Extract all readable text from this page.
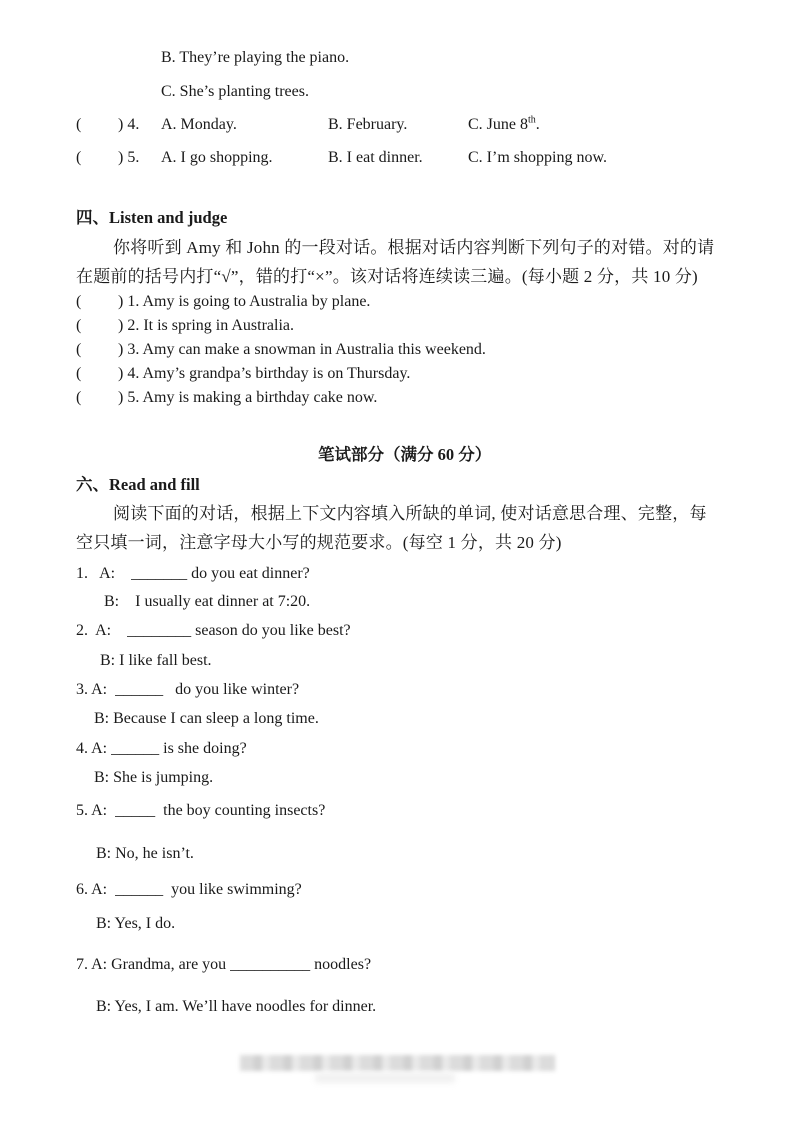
B. They’re playing the piano.
C. She’s planting trees.
( ) 4. A. Monday.	B. February.	C. June 8th.
( ) 5. A. I go shopping.	B. I eat dinner.	C. I’m shopping now.
四、Listen and judge
你将听到 Amy 和 John 的一段对话。根据对话内容判断下列句子的对错。对的请
在题前的括号内打“√”，错的打“×”。该对话将连续读三遍。(每小题 2 分，共 10 分)
( ) 1. Amy is going to Australia by plane.
( ) 2. It is spring in Australia.
( ) 3. Amy can make a snowman in Australia this weekend.
( ) 4. Amy’s grandpa’s birthday is on Thursday.
( ) 5. Amy is making a birthday cake now.
笔试部分（满分 60 分）
六、Read and fill
阅读下面的对话，根据上下文内容填入所缺的单词, 使对话意思合理、完整，每
空只填一词，注意字母大小写的规范要求。(每空 1 分，共 20 分)
1.   A:    _______ do you eat dinner?
B:    I usually eat dinner at 7:20.
2.  A:    ________ season do you like best?
B: I like fall best.
3. A:  ______   do you like winter?
B: Because I can sleep a long time.
4. A: ______ is she doing?
B: She is jumping.
5. A:  _____  the boy counting insects?
B: No, he isn’t.
6. A:  ______  you like swimming?
B: Yes, I do.
7. A: Grandma, are you __________ noodles?
B: Yes, I am. We’ll have noodles for dinner.
